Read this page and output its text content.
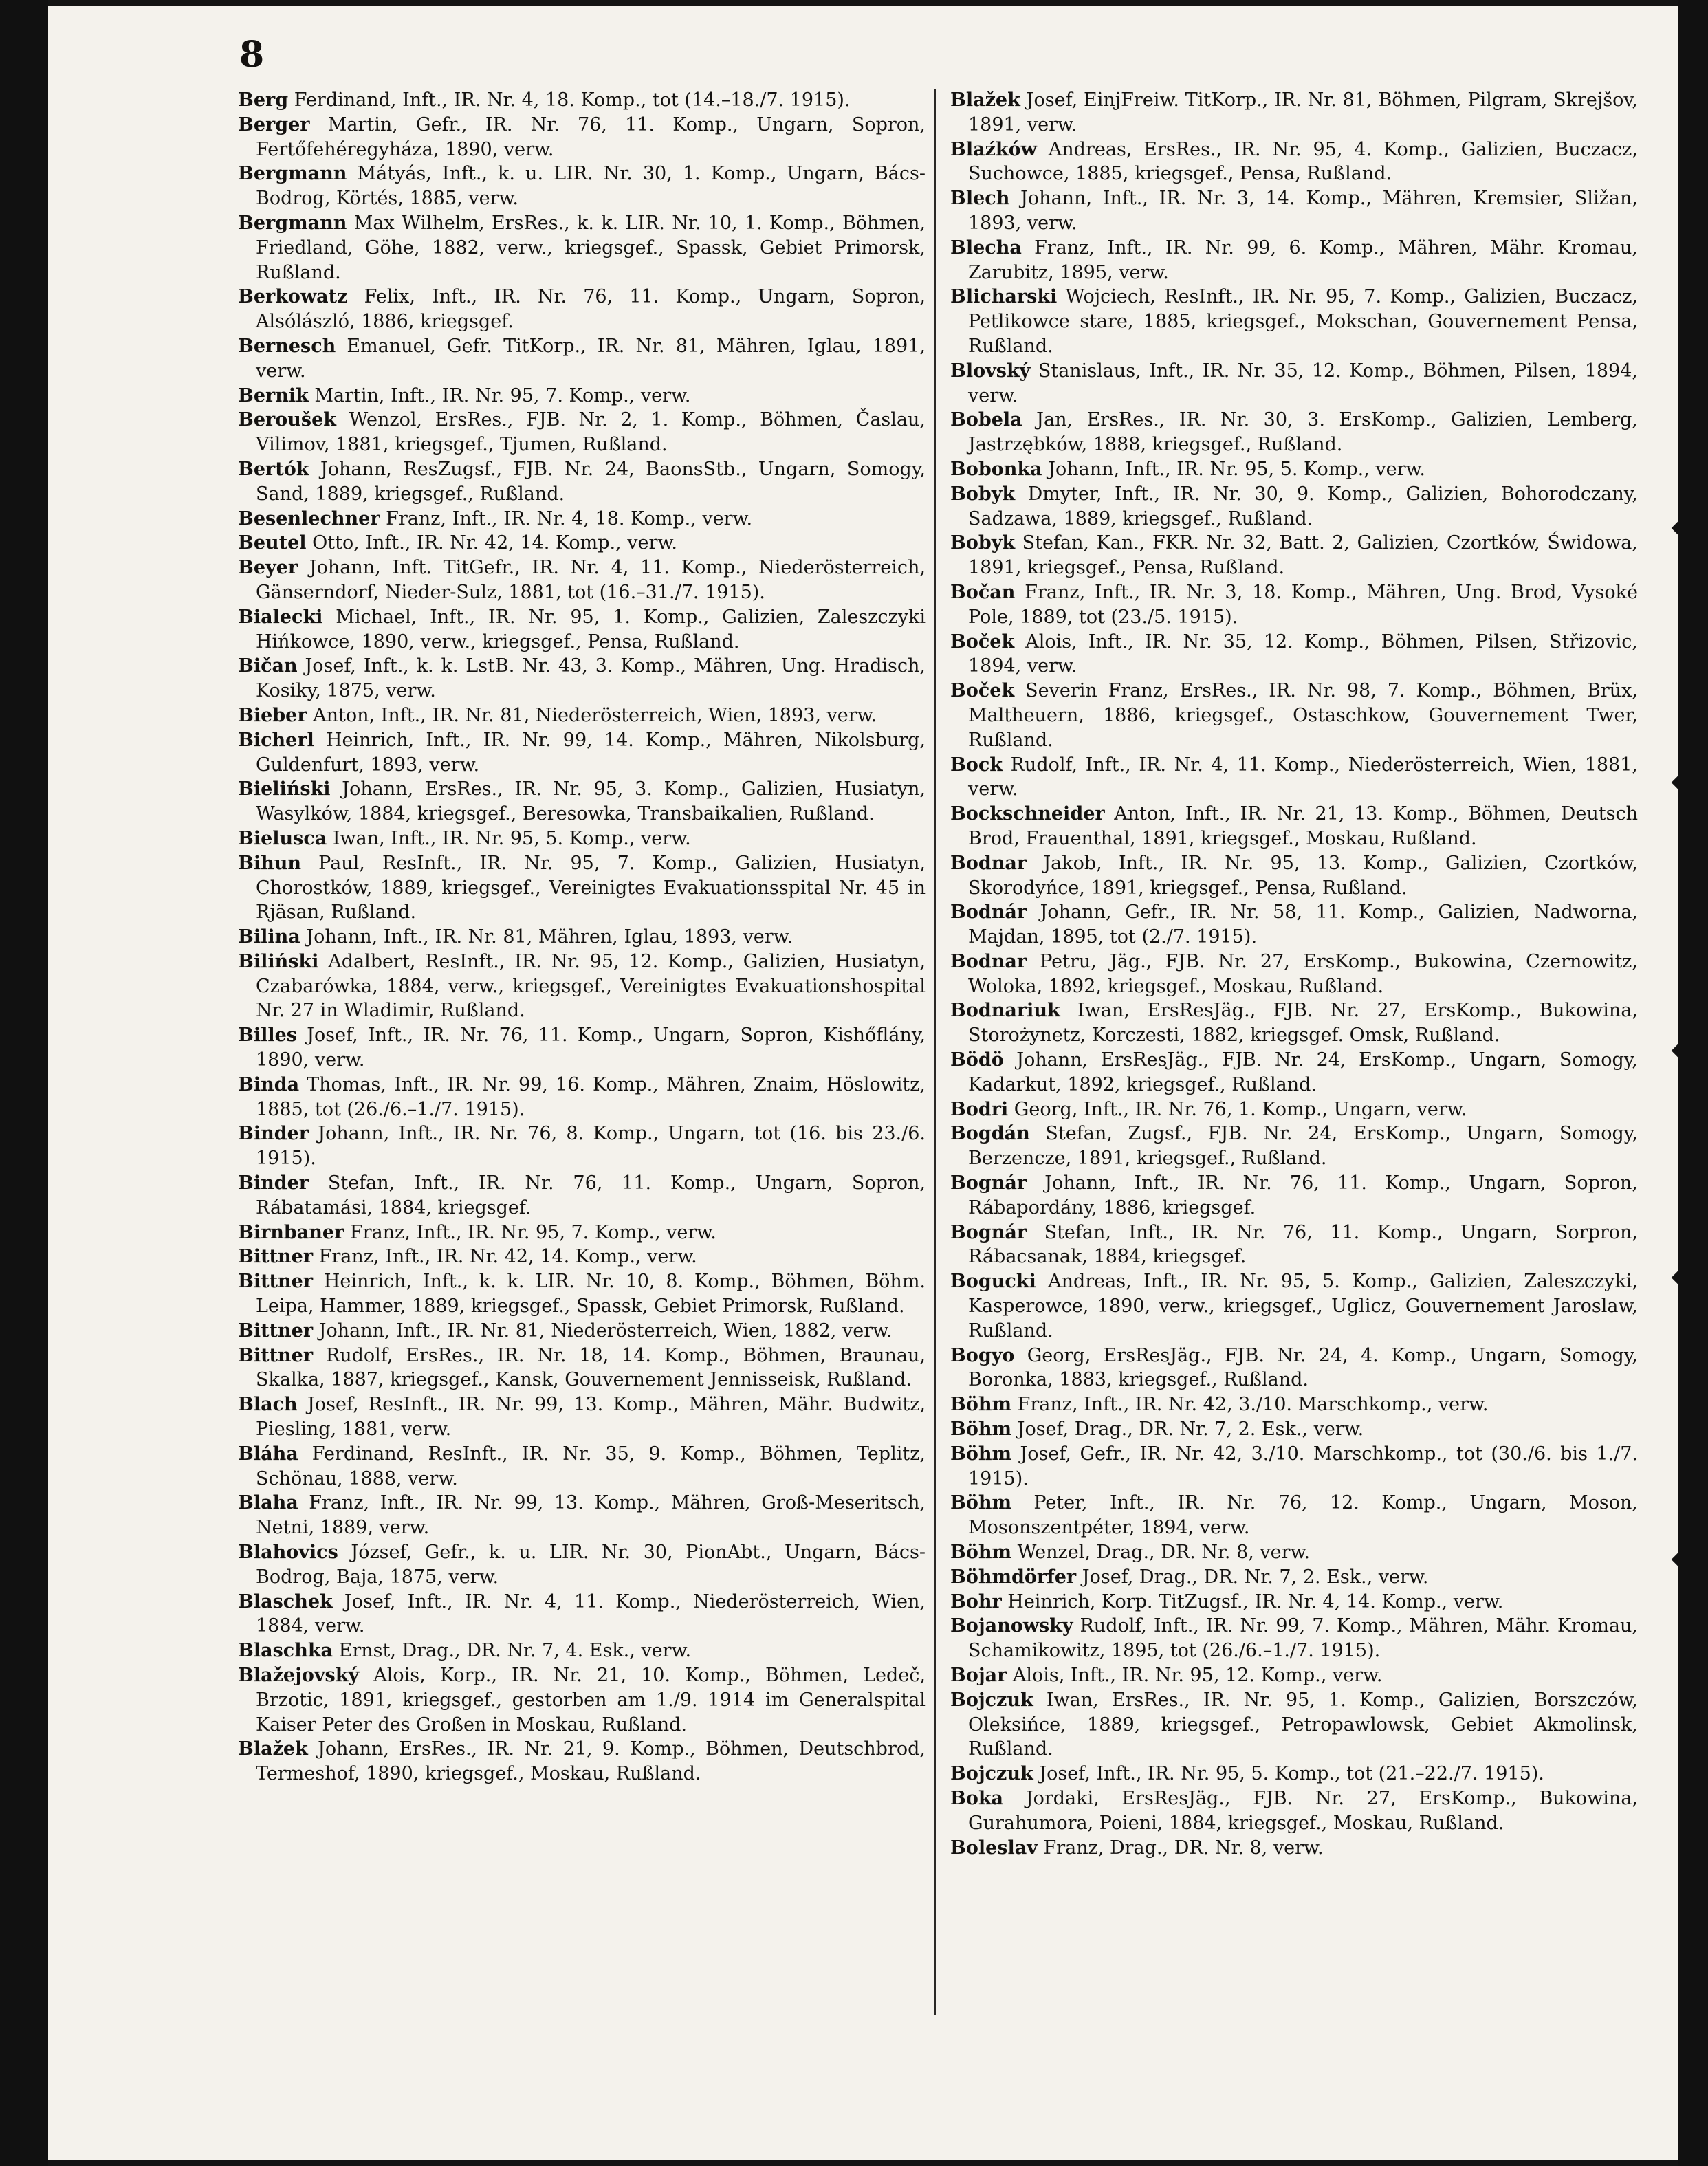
8

Berg Ferdinand, Inft., IR. Nr. 4, 18. Komp., tot (14.–18./7. 1915).

Berger Martin, Gefr., IR. Nr. 76, 11. Komp., Ungarn, Sopron, Fertőfehéregyháza, 1890, verw.

Bergmann Mátyás, Inft., k. u. LIR. Nr. 30, 1. Komp., Ungarn, Bács-Bodrog, Körtés, 1885, verw.

Bergmann Max Wilhelm, ErsRes., k. k. LIR. Nr. 10, 1. Komp., Böhmen, Friedland, Göhe, 1882, verw., kriegsgef., Spassk, Gebiet Primorsk, Rußland.

Berkowatz Felix, Inft., IR. Nr. 76, 11. Komp., Ungarn, Sopron, Alsólászló, 1886, kriegsgef.

Bernesch Emanuel, Gefr. TitKorp., IR. Nr. 81, Mähren, Iglau, 1891, verw.

Bernik Martin, Inft., IR. Nr. 95, 7. Komp., verw.

Beroušek Wenzol, ErsRes., FJB. Nr. 2, 1. Komp., Böhmen, Časlau, Vilimov, 1881, kriegsgef., Tjumen, Rußland.

Bertók Johann, ResZugsf., FJB. Nr. 24, BaonsStb., Ungarn, Somogy, Sand, 1889, kriegsgef., Rußland.

Besenlechner Franz, Inft., IR. Nr. 4, 18. Komp., verw.

Beutel Otto, Inft., IR. Nr. 42, 14. Komp., verw.

Beyer Johann, Inft. TitGefr., IR. Nr. 4, 11. Komp., Niederösterreich, Gänserndorf, Nieder-Sulz, 1881, tot (16.–31./7. 1915).

Bialecki Michael, Inft., IR. Nr. 95, 1. Komp., Galizien, Zaleszczyki Hińkowce, 1890, verw., kriegsgef., Pensa, Rußland.

Bičan Josef, Inft., k. k. LstB. Nr. 43, 3. Komp., Mähren, Ung. Hradisch, Kosiky, 1875, verw.

Bieber Anton, Inft., IR. Nr. 81, Niederösterreich, Wien, 1893, verw.

Bicherl Heinrich, Inft., IR. Nr. 99, 14. Komp., Mähren, Nikolsburg, Guldenfurt, 1893, verw.

Bieliński Johann, ErsRes., IR. Nr. 95, 3. Komp., Galizien, Husiatyn, Wasylków, 1884, kriegsgef., Beresowka, Transbaikalien, Rußland.

Bielusca Iwan, Inft., IR. Nr. 95, 5. Komp., verw.

Bihun Paul, ResInft., IR. Nr. 95, 7. Komp., Galizien, Husiatyn, Chorostków, 1889, kriegsgef., Vereinigtes Evakuationsspital Nr. 45 in Rjäsan, Rußland.

Bilina Johann, Inft., IR. Nr. 81, Mähren, Iglau, 1893, verw.

Biliński Adalbert, ResInft., IR. Nr. 95, 12. Komp., Galizien, Husiatyn, Czabarówka, 1884, verw., kriegsgef., Vereinigtes Evakuationshospital Nr. 27 in Wladimir, Rußland.

Billes Josef, Inft., IR. Nr. 76, 11. Komp., Ungarn, Sopron, Kishőflány, 1890, verw.

Binda Thomas, Inft., IR. Nr. 99, 16. Komp., Mähren, Znaim, Höslowitz, 1885, tot (26./6.–1./7. 1915).

Binder Johann, Inft., IR. Nr. 76, 8. Komp., Ungarn, tot (16. bis 23./6. 1915).

Binder Stefan, Inft., IR. Nr. 76, 11. Komp., Ungarn, Sopron, Rábatamási, 1884, kriegsgef.

Birnbaner Franz, Inft., IR. Nr. 95, 7. Komp., verw.

Bittner Franz, Inft., IR. Nr. 42, 14. Komp., verw.

Bittner Heinrich, Inft., k. k. LIR. Nr. 10, 8. Komp., Böhmen, Böhm. Leipa, Hammer, 1889, kriegsgef., Spassk, Gebiet Primorsk, Rußland.

Bittner Johann, Inft., IR. Nr. 81, Niederösterreich, Wien, 1882, verw.

Bittner Rudolf, ErsRes., IR. Nr. 18, 14. Komp., Böhmen, Braunau, Skalka, 1887, kriegsgef., Kansk, Gouvernement Jennisseisk, Rußland.

Blach Josef, ResInft., IR. Nr. 99, 13. Komp., Mähren, Mähr. Budwitz, Piesling, 1881, verw.

Bláha Ferdinand, ResInft., IR. Nr. 35, 9. Komp., Böhmen, Teplitz, Schönau, 1888, verw.

Blaha Franz, Inft., IR. Nr. 99, 13. Komp., Mähren, Groß-Meseritsch, Netni, 1889, verw.

Blahovics József, Gefr., k. u. LIR. Nr. 30, PionAbt., Ungarn, Bács-Bodrog, Baja, 1875, verw.

Blaschek Josef, Inft., IR. Nr. 4, 11. Komp., Niederösterreich, Wien, 1884, verw.

Blaschka Ernst, Drag., DR. Nr. 7, 4. Esk., verw.

Blažejovský Alois, Korp., IR. Nr. 21, 10. Komp., Böhmen, Ledeč, Brzotic, 1891, kriegsgef., gestorben am 1./9. 1914 im Generalspital Kaiser Peter des Großen in Moskau, Rußland.

Blažek Johann, ErsRes., IR. Nr. 21, 9. Komp., Böhmen, Deutschbrod, Termeshof, 1890, kriegsgef., Moskau, Rußland.

Blažek Josef, EinjFreiw. TitKorp., IR. Nr. 81, Böhmen, Pilgram, Skrejšov, 1891, verw.

Blaźków Andreas, ErsRes., IR. Nr. 95, 4. Komp., Galizien, Buczacz, Suchowce, 1885, kriegsgef., Pensa, Rußland.

Blech Johann, Inft., IR. Nr. 3, 14. Komp., Mähren, Kremsier, Sližan, 1893, verw.

Blecha Franz, Inft., IR. Nr. 99, 6. Komp., Mähren, Mähr. Kromau, Zarubitz, 1895, verw.

Blicharski Wojciech, ResInft., IR. Nr. 95, 7. Komp., Galizien, Buczacz, Petlikowce stare, 1885, kriegsgef., Mokschan, Gouvernement Pensa, Rußland.

Blovský Stanislaus, Inft., IR. Nr. 35, 12. Komp., Böhmen, Pilsen, 1894, verw.

Bobela Jan, ErsRes., IR. Nr. 30, 3. ErsKomp., Galizien, Lemberg, Jastrzębków, 1888, kriegsgef., Rußland.

Bobonka Johann, Inft., IR. Nr. 95, 5. Komp., verw.

Bobyk Dmyter, Inft., IR. Nr. 30, 9. Komp., Galizien, Bohorodczany, Sadzawa, 1889, kriegsgef., Rußland.

Bobyk Stefan, Kan., FKR. Nr. 32, Batt. 2, Galizien, Czortków, Świdowa, 1891, kriegsgef., Pensa, Rußland.

Bočan Franz, Inft., IR. Nr. 3, 18. Komp., Mähren, Ung. Brod, Vysoké Pole, 1889, tot (23./5. 1915).

Boček Alois, Inft., IR. Nr. 35, 12. Komp., Böhmen, Pilsen, Střizovic, 1894, verw.

Boček Severin Franz, ErsRes., IR. Nr. 98, 7. Komp., Böhmen, Brüx, Maltheuern, 1886, kriegsgef., Ostaschkow, Gouvernement Twer, Rußland.

Bock Rudolf, Inft., IR. Nr. 4, 11. Komp., Niederösterreich, Wien, 1881, verw.

Bockschneider Anton, Inft., IR. Nr. 21, 13. Komp., Böhmen, Deutsch Brod, Frauenthal, 1891, kriegsgef., Moskau, Rußland.

Bodnar Jakob, Inft., IR. Nr. 95, 13. Komp., Galizien, Czortków, Skorodyńce, 1891, kriegsgef., Pensa, Rußland.

Bodnár Johann, Gefr., IR. Nr. 58, 11. Komp., Galizien, Nadworna, Majdan, 1895, tot (2./7. 1915).

Bodnar Petru, Jäg., FJB. Nr. 27, ErsKomp., Bukowina, Czernowitz, Woloka, 1892, kriegsgef., Moskau, Rußland.

Bodnariuk Iwan, ErsResJäg., FJB. Nr. 27, ErsKomp., Bukowina, Storożynetz, Korczesti, 1882, kriegsgef. Omsk, Rußland.

Bödö Johann, ErsResJäg., FJB. Nr. 24, ErsKomp., Ungarn, Somogy, Kadarkut, 1892, kriegsgef., Rußland.

Bodri Georg, Inft., IR. Nr. 76, 1. Komp., Ungarn, verw.

Bogdán Stefan, Zugsf., FJB. Nr. 24, ErsKomp., Ungarn, Somogy, Berzencze, 1891, kriegsgef., Rußland.

Bognár Johann, Inft., IR. Nr. 76, 11. Komp., Ungarn, Sopron, Rábapordány, 1886, kriegsgef.

Bognár Stefan, Inft., IR. Nr. 76, 11. Komp., Ungarn, Sorpron, Rábacsanak, 1884, kriegsgef.

Bogucki Andreas, Inft., IR. Nr. 95, 5. Komp., Galizien, Zaleszczyki, Kasperowce, 1890, verw., kriegsgef., Uglicz, Gouvernement Jaroslaw, Rußland.

Bogyo Georg, ErsResJäg., FJB. Nr. 24, 4. Komp., Ungarn, Somogy, Boronka, 1883, kriegsgef., Rußland.

Böhm Franz, Inft., IR. Nr. 42, 3./10. Marschkomp., verw.

Böhm Josef, Drag., DR. Nr. 7, 2. Esk., verw.

Böhm Josef, Gefr., IR. Nr. 42, 3./10. Marschkomp., tot (30./6. bis 1./7. 1915).

Böhm Peter, Inft., IR. Nr. 76, 12. Komp., Ungarn, Moson, Mosonszentpéter, 1894, verw.

Böhm Wenzel, Drag., DR. Nr. 8, verw.

Böhmdörfer Josef, Drag., DR. Nr. 7, 2. Esk., verw.

Bohr Heinrich, Korp. TitZugsf., IR. Nr. 4, 14. Komp., verw.

Bojanowsky Rudolf, Inft., IR. Nr. 99, 7. Komp., Mähren, Mähr. Kromau, Schamikowitz, 1895, tot (26./6.–1./7. 1915).

Bojar Alois, Inft., IR. Nr. 95, 12. Komp., verw.

Bojczuk Iwan, ErsRes., IR. Nr. 95, 1. Komp., Galizien, Borszczów, Oleksińce, 1889, kriegsgef., Petropawlowsk, Gebiet Akmolinsk, Rußland.

Bojczuk Josef, Inft., IR. Nr. 95, 5. Komp., tot (21.–22./7. 1915).

Boka Jordaki, ErsResJäg., FJB. Nr. 27, ErsKomp., Bukowina, Gurahumora, Poieni, 1884, kriegsgef., Moskau, Rußland.

Boleslav Franz, Drag., DR. Nr. 8, verw.
